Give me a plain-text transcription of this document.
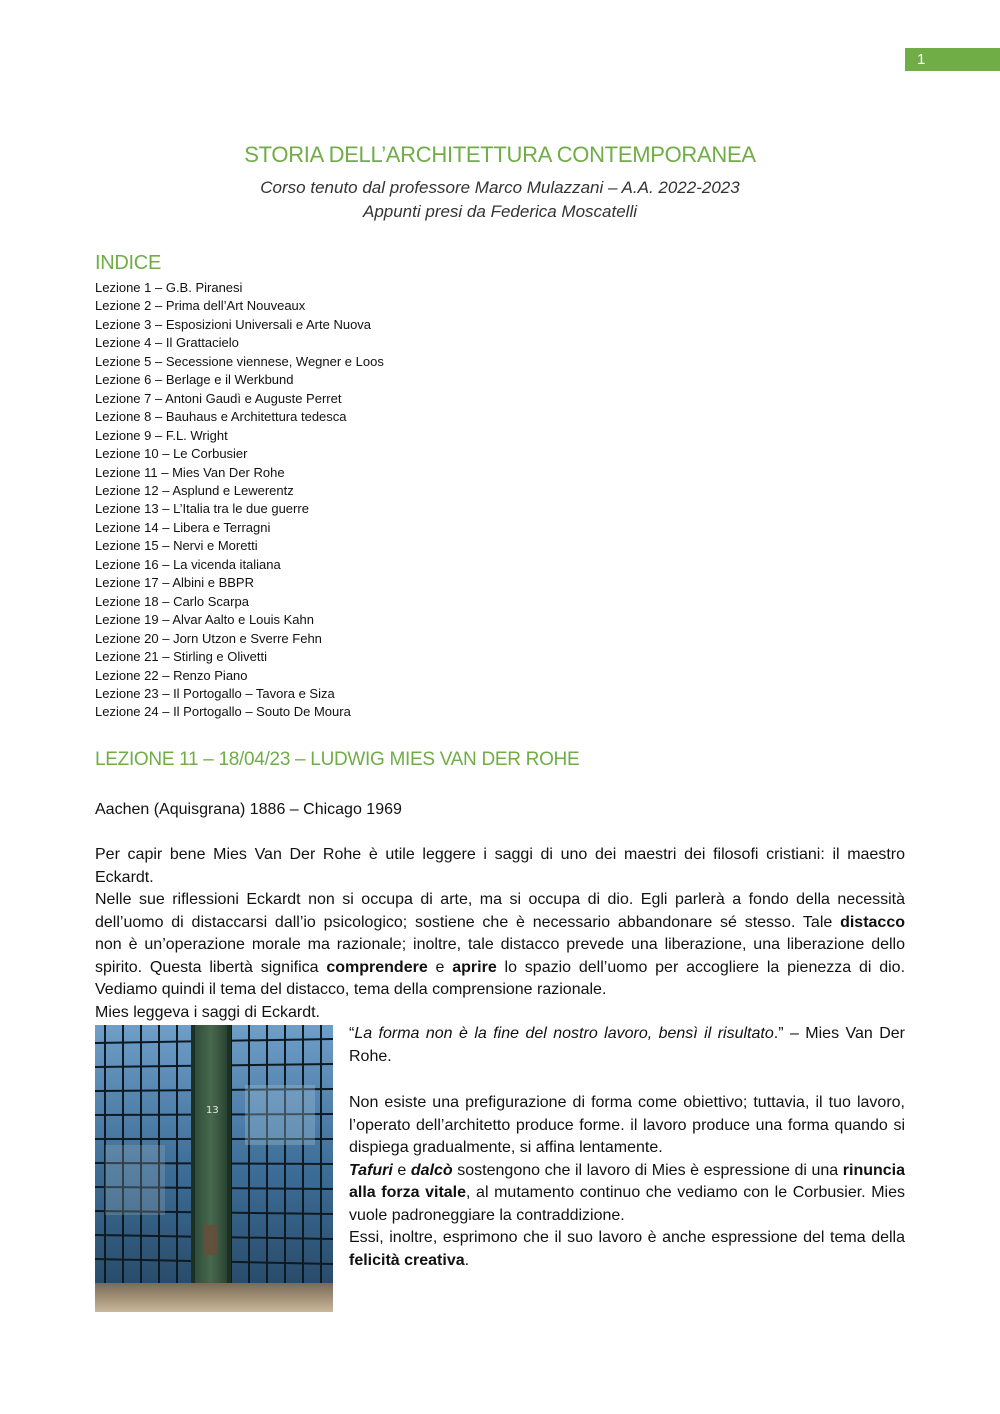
1
STORIA DELL’ARCHITETTURA CONTEMPORANEA

Corso tenuto dal professore Marco Mulazzani – A.A. 2022-2023

Appunti presi da Federica Moscatelli

INDICE
Lezione 1 – G.B. Piranesi
Lezione 2 – Prima dell’Art Nouveaux
Lezione 3 – Esposizioni Universali e Arte Nuova
Lezione 4 – Il Grattacielo
Lezione 5 – Secessione viennese, Wegner e Loos
Lezione 6 – Berlage e il Werkbund
Lezione 7 – Antoni Gaudì e Auguste Perret
Lezione 8 – Bauhaus e Architettura tedesca
Lezione 9 – F.L. Wright
Lezione 10 – Le Corbusier
Lezione 11 – Mies Van Der Rohe
Lezione 12 – Asplund e Lewerentz
Lezione 13 – L’Italia tra le due guerre
Lezione 14 – Libera e Terragni
Lezione 15 – Nervi e Moretti
Lezione 16 – La vicenda italiana
Lezione 17 – Albini e BBPR
Lezione 18 – Carlo Scarpa
Lezione 19 – Alvar Aalto e Louis Kahn
Lezione 20 – Jorn Utzon e Sverre Fehn
Lezione 21 – Stirling e Olivetti
Lezione 22 – Renzo Piano
Lezione 23 – Il Portogallo – Tavora e Siza
Lezione 24 – Il Portogallo – Souto De Moura
LEZIONE 11 – 18/04/23 – LUDWIG MIES VAN DER ROHE

Aachen (Aquisgrana) 1886 – Chicago 1969

Per capir bene Mies Van Der Rohe è utile leggere i saggi di uno dei maestri dei filosofi cristiani: il maestro
Eckardt.
Nelle sue riflessioni Eckardt non si occupa di arte, ma si occupa di dio. Egli parlerà a fondo della necessità
dell’uomo di distaccarsi dall’io psicologico; sostiene che è necessario abbandonare sé stesso. Tale distacco
non è un’operazione morale ma razionale; inoltre, tale distacco prevede una liberazione, una liberazione dello
spirito. Questa libertà significa comprendere e aprire lo spazio dell’uomo per accogliere la pienezza di dio.
Vediamo quindi il tema del distacco, tema della comprensione razionale.
Mies leggeva i saggi di Eckardt.
13

“La forma non è la fine del nostro lavoro, bensì il risultato.” – Mies Van Der Rohe.

Non esiste una prefigurazione di forma come obiettivo; tuttavia, il tuo lavoro, l’operato dell’architetto produce forme. il lavoro produce una forma quando si dispiega gradualmente, si affina lentamente.

Tafuri e dalcò sostengono che il lavoro di Mies è espressione di una rinuncia alla forza vitale, al mutamento continuo che vediamo con le Corbusier. Mies vuole padroneggiare la contraddizione.

Essi, inoltre, esprimono che il suo lavoro è anche espressione del tema della felicità creativa.
